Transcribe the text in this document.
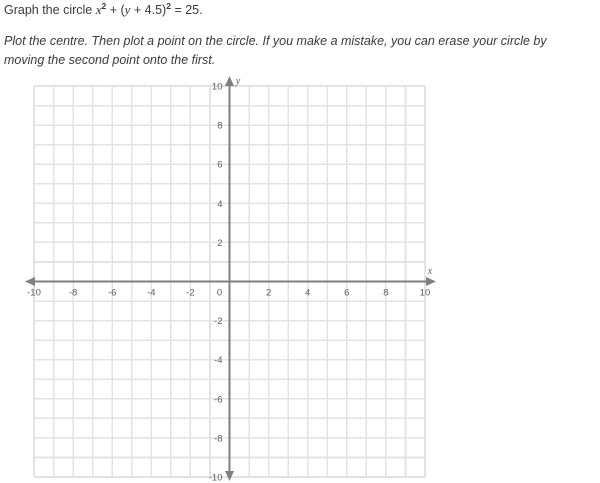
Graph the circle $x^2 + (y + 4.5)^2 = 25$.
Plot the centre. Then plot a point on the circle. If you make a mistake, you can erase your circle by moving the second point onto the first.
-10	-8	-6	-4	-2 0	2	4	6	8	10
10
8
6
4
2
-2
-4
-6
-8
-10
x
y
